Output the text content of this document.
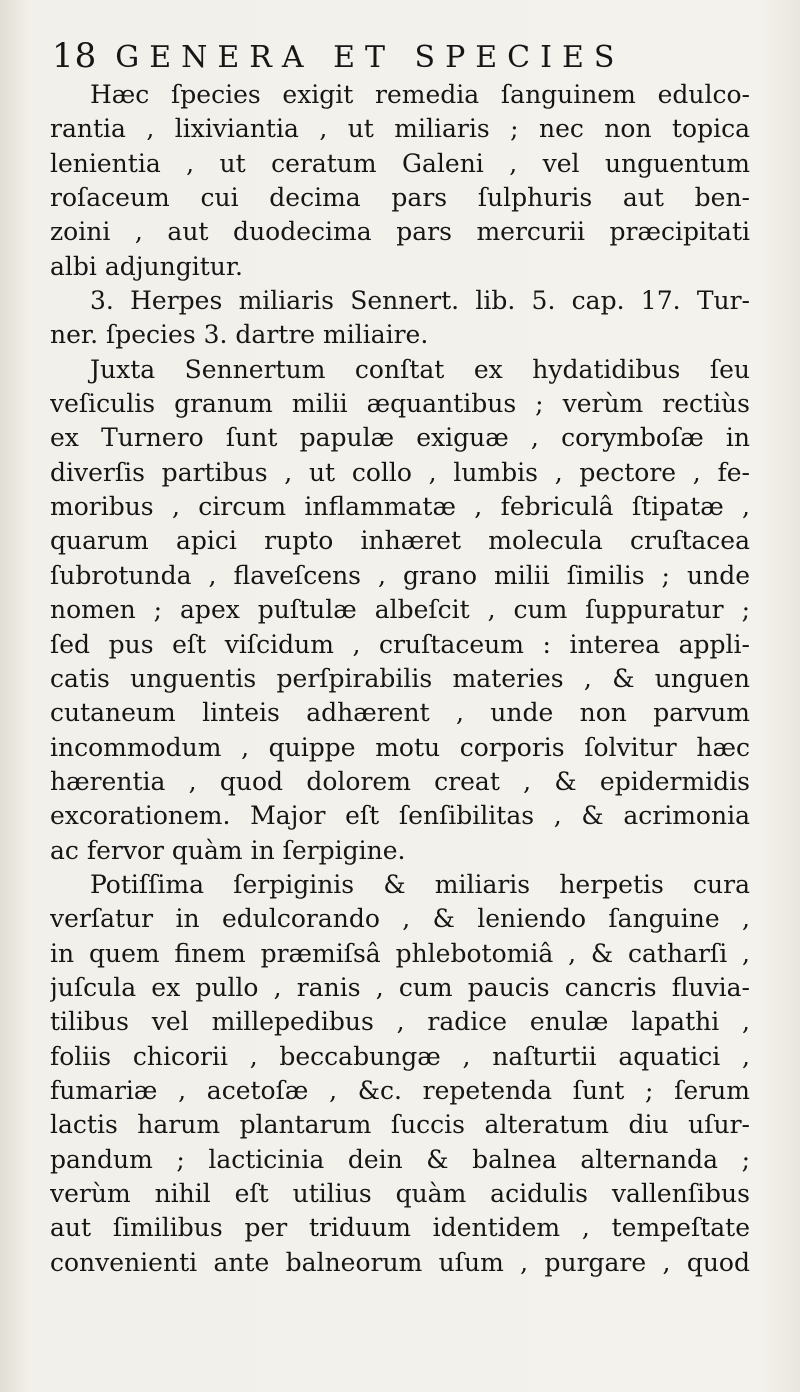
18 GENERA ET SPECIES
Hæc ſpecies exigit remedia ſanguinem edulco-
rantia , lixiviantia , ut miliaris ; nec non topica
lenientia , ut ceratum Galeni , vel unguentum
roſaceum cui decima pars ſulphuris aut ben-
zoini , aut duodecima pars mercurii præcipitati
albi adjungitur.
3. Herpes miliaris Sennert. lib. 5. cap. 17. Tur-
ner. ſpecies 3. dartre miliaire.
Juxta Sennertum conſtat ex hydatidibus ſeu
veſiculis granum milii æquantibus ; verùm rectiùs
ex Turnero ſunt papulæ exiguæ , corymboſæ in
diverſis partibus , ut collo , lumbis , pectore , fe-
moribus , circum inflammatæ , febriculâ ſtipatæ ,
quarum apici rupto inhæret molecula cruſtacea
ſubrotunda , flaveſcens , grano milii ſimilis ; unde
nomen ; apex puſtulæ albeſcit , cum ſuppuratur ;
ſed pus eſt viſcidum , cruſtaceum : interea appli-
catis unguentis perſpirabilis materies , & unguen
cutaneum linteis adhærent , unde non parvum
incommodum , quippe motu corporis ſolvitur hæc
hærentia , quod dolorem creat , & epidermidis
excorationem. Major eſt ſenſibilitas , & acrimonia
ac fervor quàm in ſerpigine.
Potiſſima ſerpiginis & miliaris herpetis cura
verſatur in edulcorando , & leniendo ſanguine ,
in quem finem præmiſsâ phlebotomiâ , & catharſi ,
juſcula ex pullo , ranis , cum paucis cancris fluvia-
tilibus vel millepedibus , radice enulæ lapathi ,
foliis chicorii , beccabungæ , naſturtii aquatici ,
fumariæ , acetoſæ , &c. repetenda ſunt ; ſerum
lactis harum plantarum ſuccis alteratum diu uſur-
pandum ; lacticinia dein & balnea alternanda ;
verùm nihil eſt utilius quàm acidulis vallenſibus
aut ſimilibus per triduum identidem , tempeſtate
convenienti ante balneorum uſum , purgare , quod
